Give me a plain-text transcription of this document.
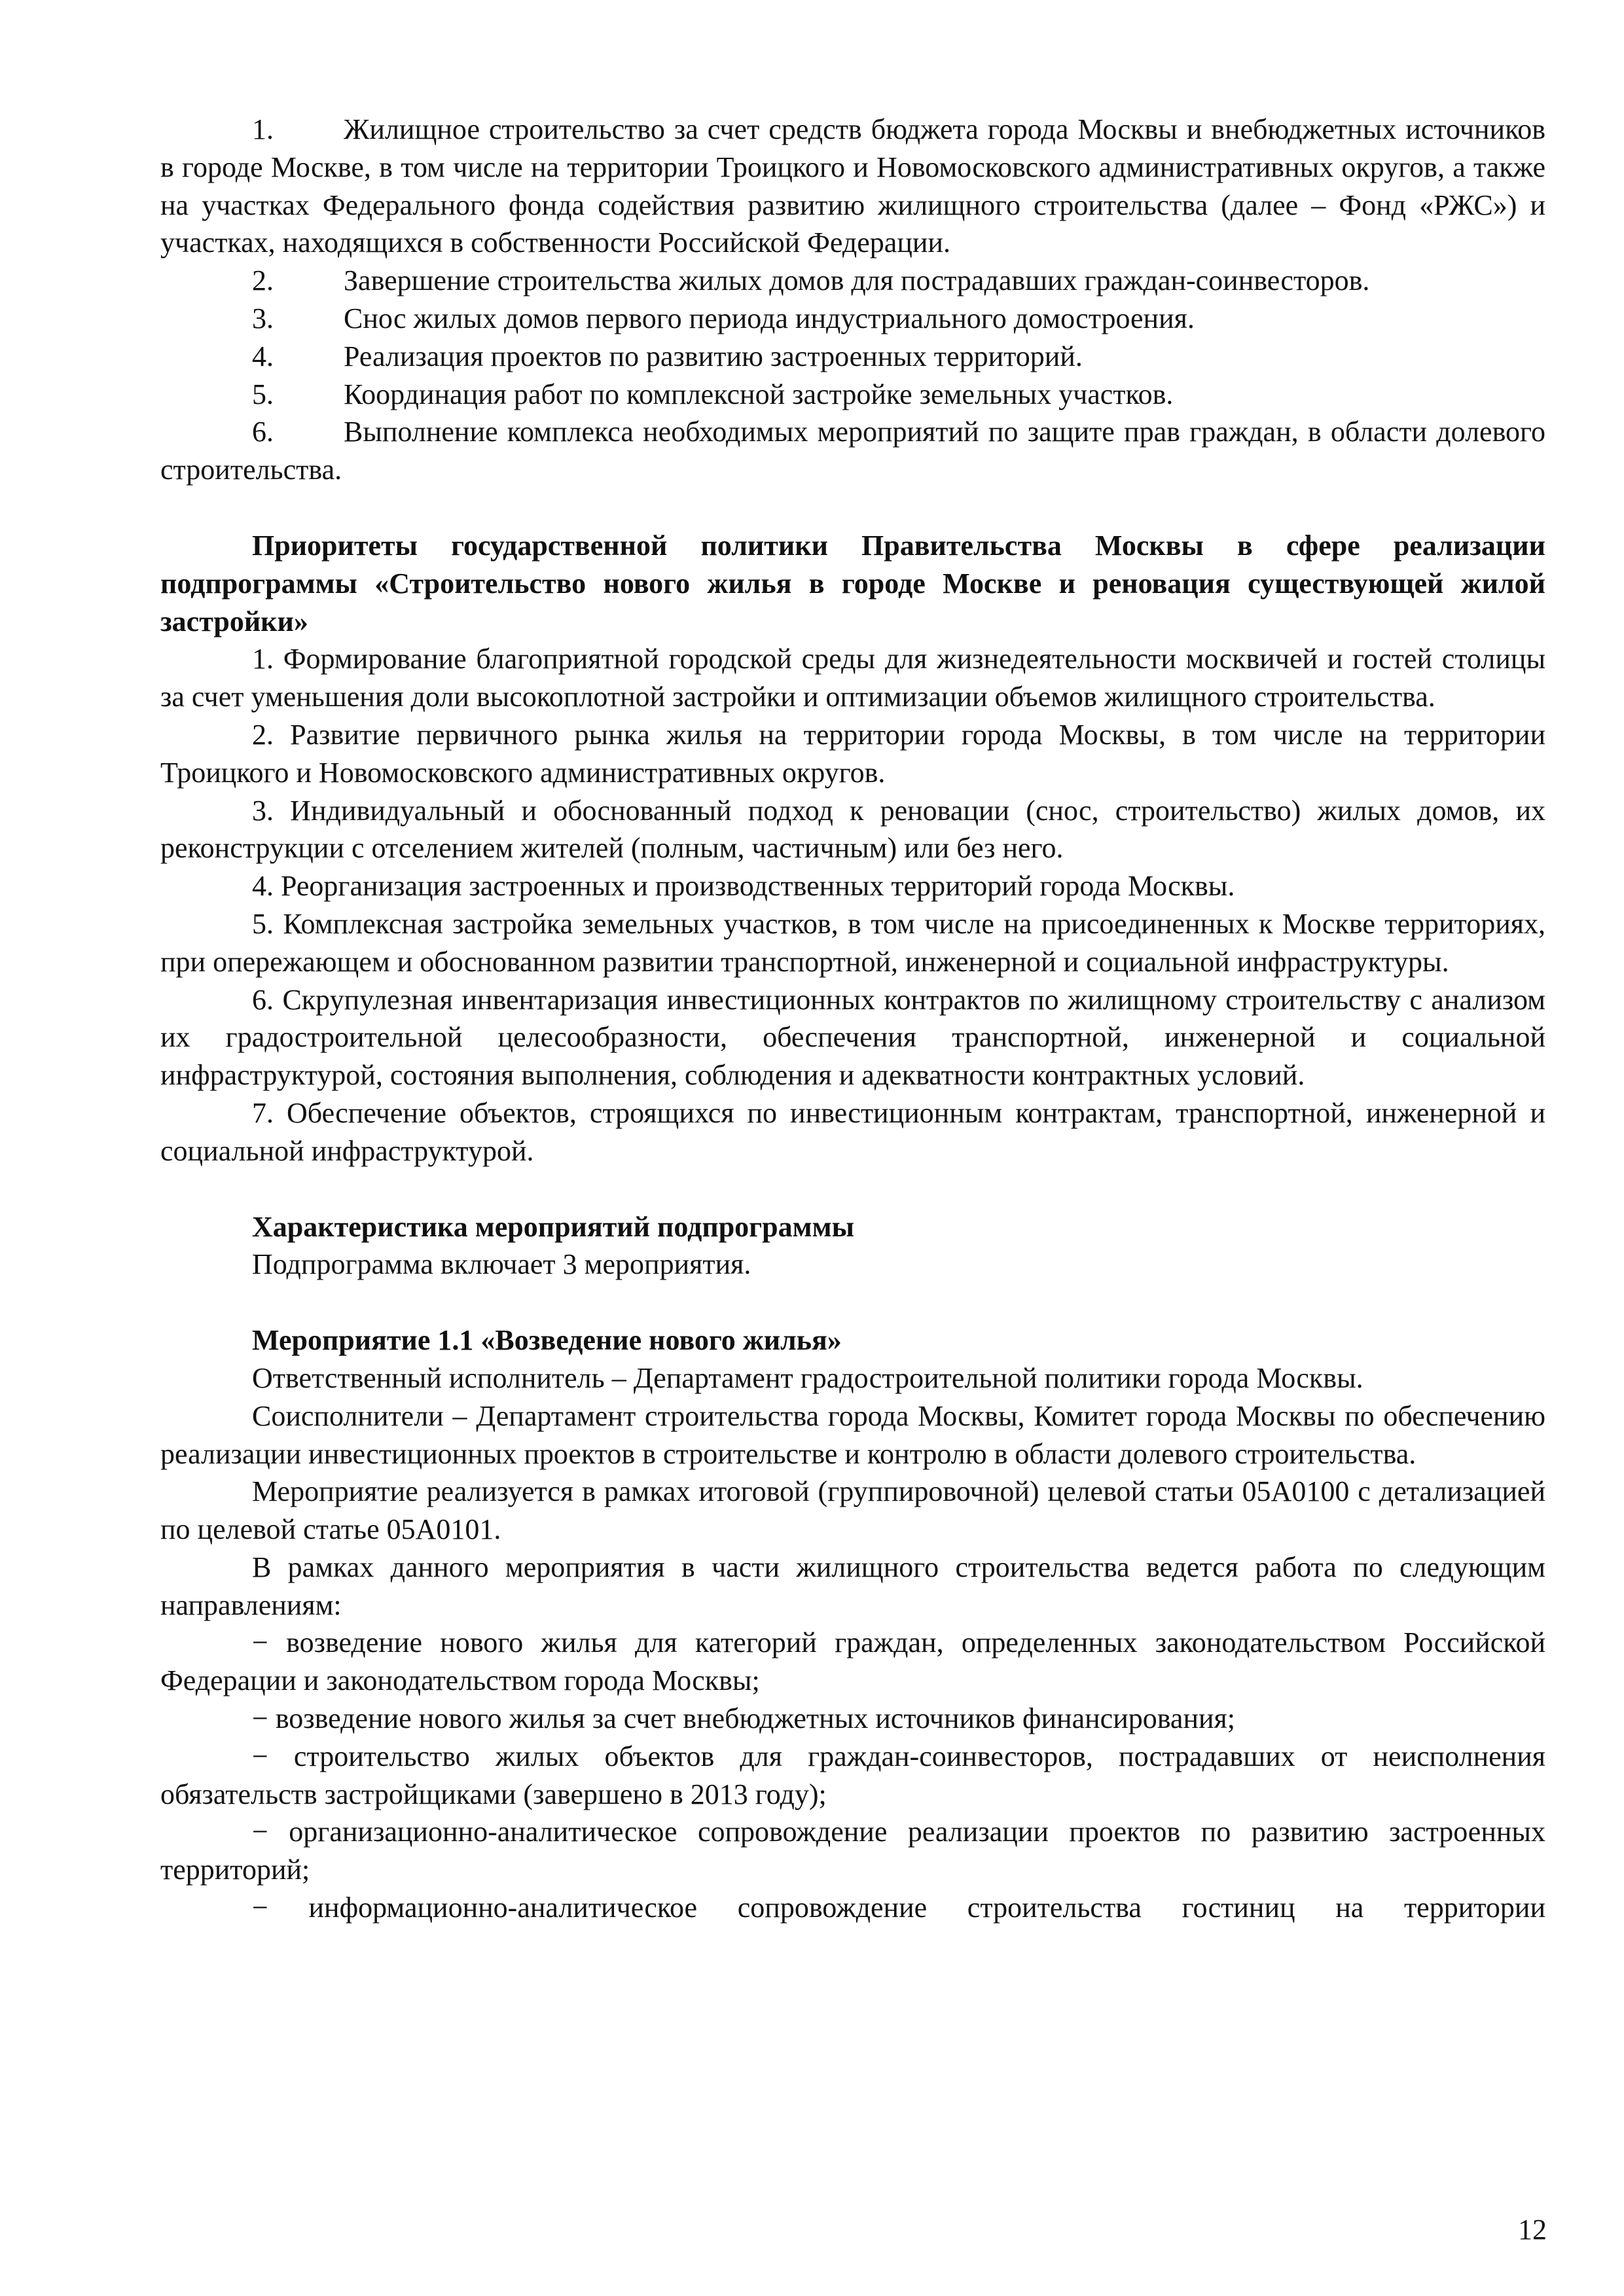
1. Жилищное строительство за счет средств бюджета города Москвы и внебюджетных источников в городе Москве, в том числе на территории Троицкого и Новомосковского административных округов, а также на участках Федерального фонда содействия развитию жилищного строительства (далее – Фонд «РЖС») и участках, находящихся в собственности Российской Федерации.

2. Завершение строительства жилых домов для пострадавших граждан-соинвесторов.

3. Снос жилых домов первого периода индустриального домостроения.

4. Реализация проектов по развитию застроенных территорий.

5. Координация работ по комплексной застройке земельных участков.

6. Выполнение комплекса необходимых мероприятий по защите прав граждан, в области долевого строительства.

Приоритеты государственной политики Правительства Москвы в сфере реализации подпрограммы «Строительство нового жилья в городе Москве и реновация существующей жилой застройки»

1. Формирование благоприятной городской среды для жизнедеятельности москвичей и гостей столицы за счет уменьшения доли высокоплотной застройки и оптимизации объемов жилищного строительства.

2. Развитие первичного рынка жилья на территории города Москвы, в том числе на территории Троицкого и Новомосковского административных округов.

3. Индивидуальный и обоснованный подход к реновации (снос, строительство) жилых домов, их реконструкции с отселением жителей (полным, частичным) или без него.

4. Реорганизация застроенных и производственных территорий города Москвы.

5. Комплексная застройка земельных участков, в том числе на присоединенных к Москве территориях, при опережающем и обоснованном развитии транспортной, инженерной и социальной инфраструктуры.

6. Скрупулезная инвентаризация инвестиционных контрактов по жилищному строительству с анализом их градостроительной целесообразности, обеспечения транспортной, инженерной и социальной инфраструктурой, состояния выполнения, соблюдения и адекватности контрактных условий.

7. Обеспечение объектов, строящихся по инвестиционным контрактам, транспортной, инженерной и социальной инфраструктурой.

Характеристика мероприятий подпрограммы

Подпрограмма включает 3 мероприятия.

Мероприятие 1.1 «Возведение нового жилья»

Ответственный исполнитель – Департамент градостроительной политики города Москвы.

Соисполнители – Департамент строительства города Москвы, Комитет города Москвы по обеспечению реализации инвестиционных проектов в строительстве и контролю в области долевого строительства.

Мероприятие реализуется в рамках итоговой (группировочной) целевой статьи 05А0100 с детализацией по целевой статье 05А0101.

В рамках данного мероприятия в части жилищного строительства ведется работа по следующим направлениям:

− возведение нового жилья для категорий граждан, определенных законодательством Российской Федерации и законодательством города Москвы;

− возведение нового жилья за счет внебюджетных источников финансирования;

− строительство жилых объектов для граждан-соинвесторов, пострадавших от неисполнения обязательств застройщиками (завершено в 2013 году);

− организационно-аналитическое сопровождение реализации проектов по развитию застроенных территорий;

− информационно-аналитическое сопровождение строительства гостиниц на территории

12
